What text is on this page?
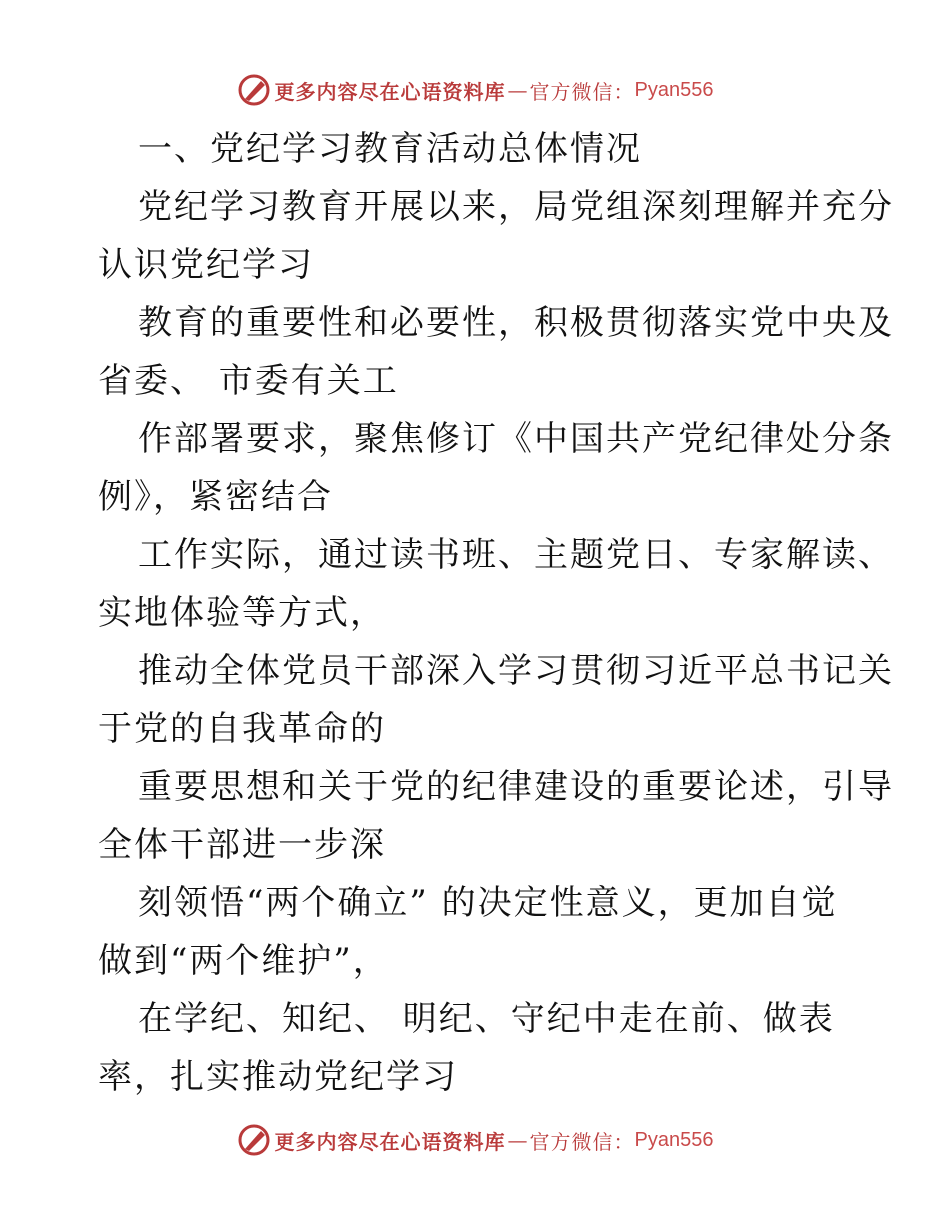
更多内容尽在心语资料库 — 官方微信： Pyan556

一、党纪学习教育活动总体情况

党纪学习教育开展以来，局党组深刻理解并充分
认识党纪学习

教育的重要性和必要性，积极贯彻落实党中央及
省委、 市委有关工

作部署要求，聚焦修订《中国共产党纪律处分条
例》，紧密结合

工作实际，通过读书班、主题党日、专家解读、
实地体验等方式，

推动全体党员干部深入学习贯彻习近平总书记关
于党的自我革命的

重要思想和关于党的纪律建设的重要论述，引导
全体干部进一步深

刻领悟“两个确立” 的决定性意义，更加自觉
做到“两个维护”，

在学纪、知纪、 明纪、守纪中走在前、做表
率，扎实推动党纪学习

更多内容尽在心语资料库 — 官方微信： Pyan556
